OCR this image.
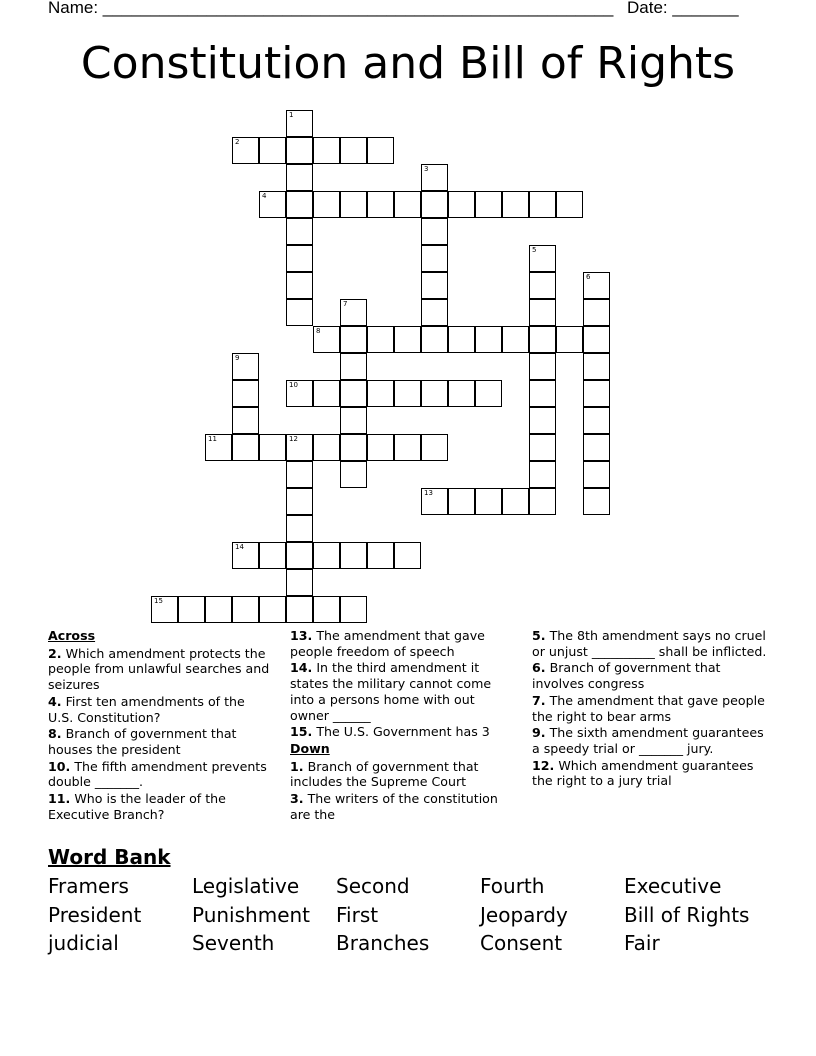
Name: ______________________________________________________ Date: _______
Constitution and Bill of Rights
1
2
3
4
5
6
7
8
9
10
11	12
13
14
15
Across
2. Which amendment protects the people from unlawful searches and seizures
4. First ten amendments of the U.S. Constitution?
8. Branch of government that houses the president
10. The fifth amendment prevents double _______.
11. Who is the leader of the Executive Branch?
13. The amendment that gave people freedom of speech
14. In the third amendment it states the military cannot come into a persons home with out owner ______
15. The U.S. Government has 3
Down
1. Branch of government that includes the Supreme Court
3. The writers of the constitution are the
5. The 8th amendment says no cruel or unjust __________ shall be inflicted.
6. Branch of government that involves congress
7. The amendment that gave people the right to bear arms
9. The sixth amendment guarantees a speedy trial or _______ jury.
12. Which amendment guarantees the right to a jury trial
Word Bank
Framers	Legislative	Second	Fourth	Executive
President	Punishment	First	Jeopardy	Bill of Rights
judicial	Seventh	Branches	Consent	Fair
